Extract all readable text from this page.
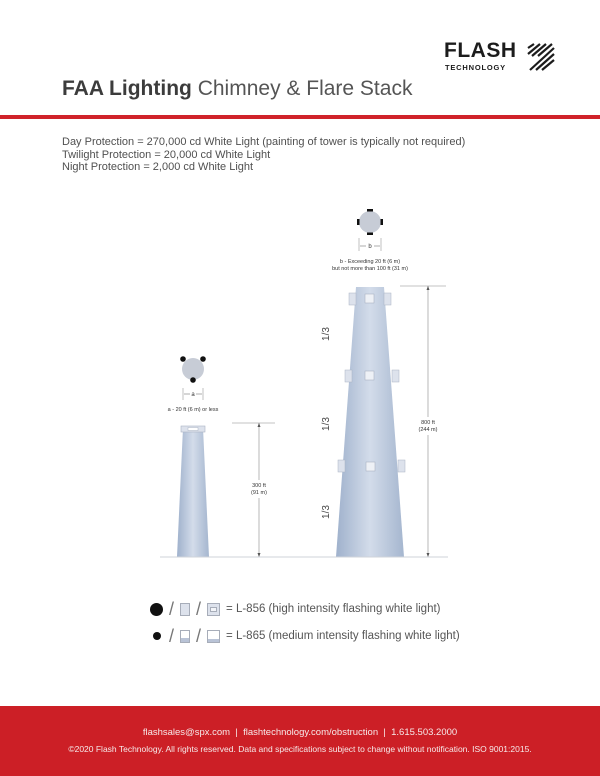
FLASH
TECHNOLOGY
FAA Lighting Chimney & Flare Stack
Day Protection = 270,000 cd White Light (painting of tower is typically not required)
Twilight Protection = 20,000 cd White Light
Night Protection = 2,000 cd White Light
a
a - 20 ft (6 m) or less
300 ft
(91 m)
b
b - Exceeding 20 ft (6 m)
but not more than 100 ft (31 m)
1/3
1/3
1/3
800 ft
(244 m)
/ / = L-856 (high intensity flashing white light)
/ / = L-865 (medium intensity flashing white light)
flashsales@spx.com  |  flashtechnology.com/obstruction  |  1.615.503.2000
©2020 Flash Technology. All rights reserved. Data and specifications subject to change without notification. ISO 9001:2015.
